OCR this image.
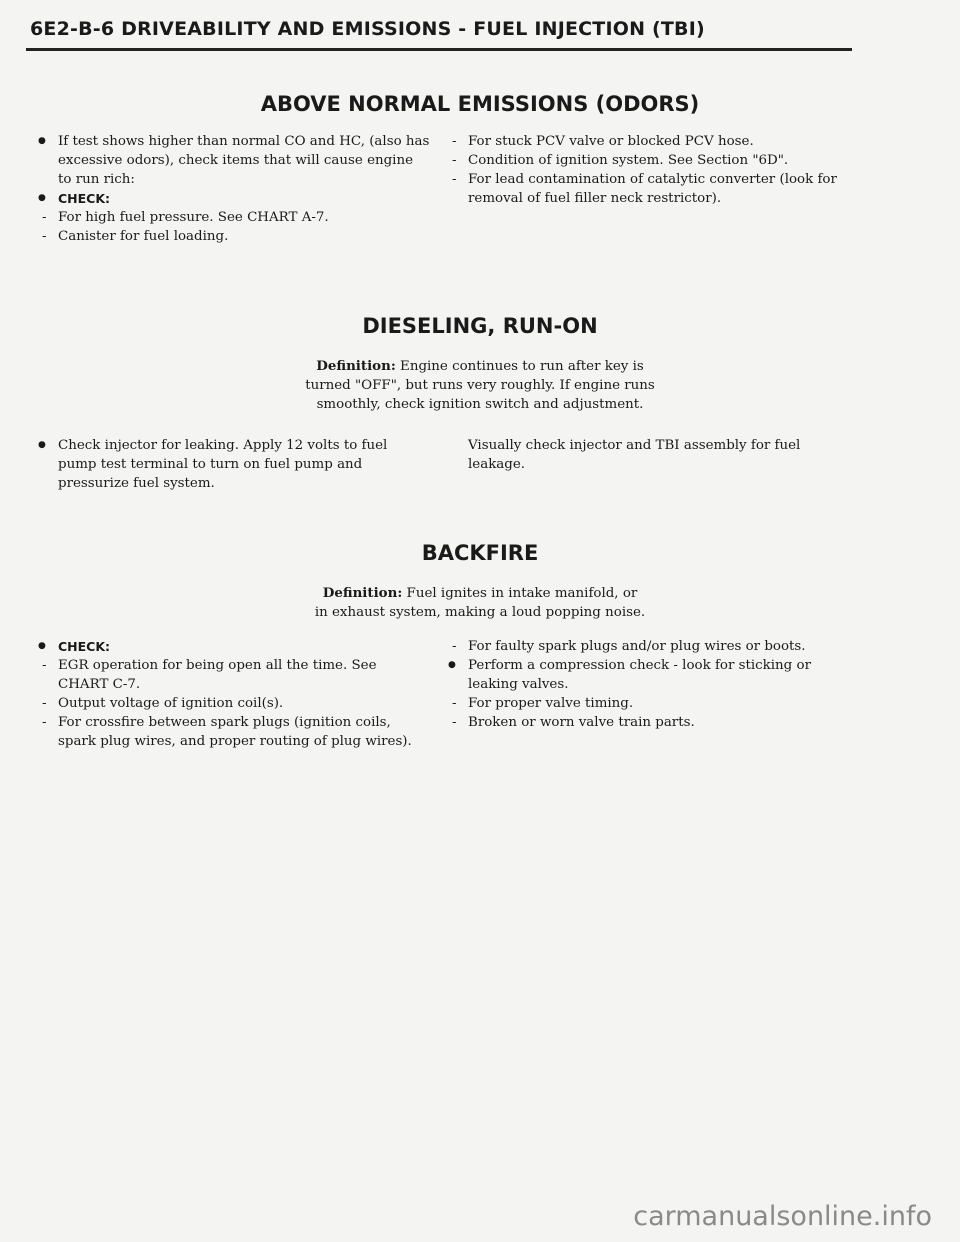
6E2-B-6 DRIVEABILITY AND EMISSIONS - FUEL INJECTION (TBI)
ABOVE NORMAL EMISSIONS (ODORS)

● If test shows higher than normal CO and HC, (also has excessive odors), check items that will cause engine to run rich:

● CHECK:

- For high fuel pressure. See CHART A-7.

- Canister for fuel loading.

- For stuck PCV valve or blocked PCV hose.

- Condition of ignition system. See Section "6D".

- For lead contamination of catalytic converter (look for removal of fuel filler neck restrictor).

DIESELING, RUN-ON
Definition: Engine continues to run after key is
turned "OFF", but runs very roughly. If engine runs
smoothly, check ignition switch and adjustment.

● Check injector for leaking. Apply 12 volts to fuel pump test terminal to turn on fuel pump and pressurize fuel system.

Visually check injector and TBI assembly for fuel leakage.

BACKFIRE
Definition: Fuel ignites in intake manifold, or
in exhaust system, making a loud popping noise.

● CHECK:

- EGR operation for being open all the time. See CHART C-7.

- Output voltage of ignition coil(s).

- For crossfire between spark plugs (ignition coils, spark plug wires, and proper routing of plug wires).

- For faulty spark plugs and/or plug wires or boots.

● Perform a compression check - look for sticking or leaking valves.

- For proper valve timing.

- Broken or worn valve train parts.

carmanualsonline.info
